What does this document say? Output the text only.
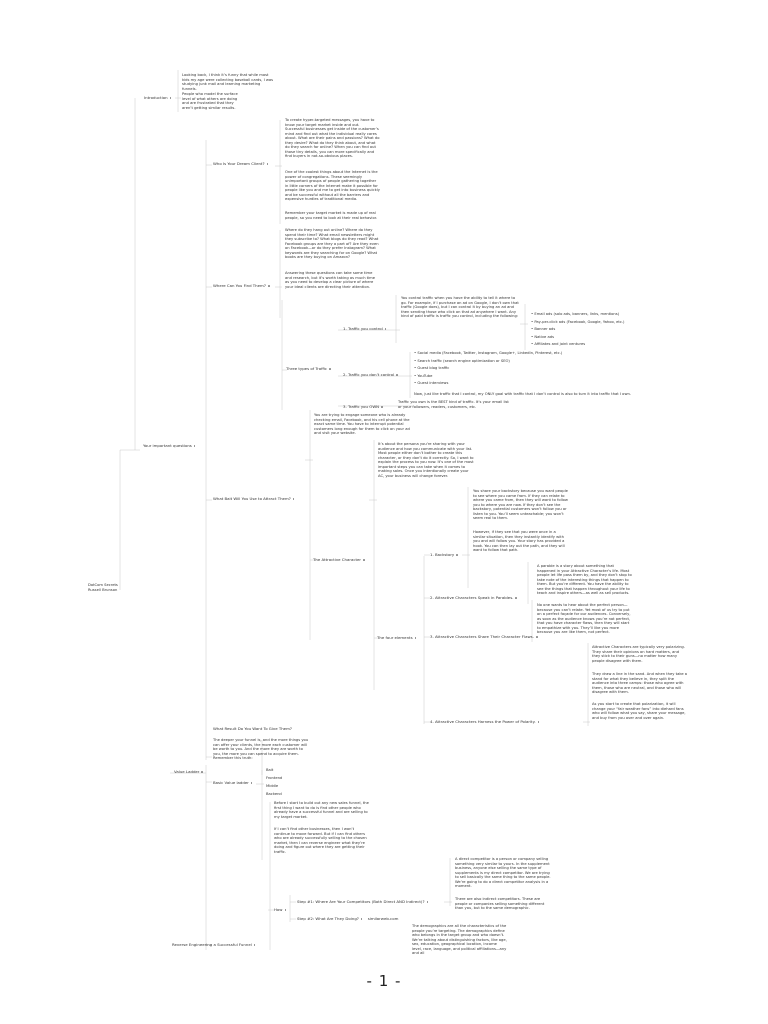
DotCom Secrets
Russell Brunson
Introduction
Looking back, I think it’s funny that while most kids my age were collecting baseball cards, I was studying junk mail and learning marketing funnels.
People who model the surface level of what others are doing and are frustrated that they aren’t getting similar results.
Your important questions
Who Is Your Dream Client?
To create hyper-targeted messages, you have to know your target market inside and out. Successful businesses get inside of the customer’s mind and find out what the individual really cares about. What are their pains and passions? What do they desire? What do they think about, and what do they search for online? When you can find out those tiny details, you can more specifically and find buyers in not-so-obvious places.
One of the coolest things about the Internet is the power of congregations. These seemingly unimportant groups of people gathering together in little corners of the Internet make it possible for people like you and me to get into business quickly and be successful without all the barriers and expensive hurdles of traditional media.
Remember your target market is made up of real people, so you need to look at their real behavior.
Where Can You Find Them?
Where do they hang out online? Where do they spend their time? What email newsletters might they subscribe to? What blogs do they read? What Facebook groups are they a part of? Are they even on Facebook—or do they prefer Instagram? What keywords are they searching for on Google? What books are they buying on Amazon?
Answering these questions can take some time and research, but it’s worth taking as much time as you need to develop a clear picture of where your ideal clients are directing their attention.
Three types of Traffic
1. Traffic you control
You control traffic when you have the ability to tell it where to go. For example, if I purchase an ad on Google, I don’t own that traffic (Google does), but I can control it by buying an ad and then sending those who click on that ad anywhere I want. Any kind of paid traffic is traffic you control, including the following:	• Email ads (solo ads, banners, links, mentions)
• Pay-per-click ads (Facebook, Google, Yahoo, etc.)
• Banner ads
• Native ads
• Affiliates and joint ventures
2. Traffic you don’t control
• Social media (Facebook, Twitter, Instagram, Google+, LinkedIn, Pinterest, etc.)
• Search traffic (search engine optimization or SEO)
• Guest blog traffic
• YouTube
• Guest interviews
Now, just like traffic that I control, my ONLY goal with traffic that I don’t control is also to turn it into traffic that I own.
3. Traffic you OWN
Traffic you own is the BEST kind of traffic. It’s your email list or your followers, readers, customers, etc.
What Bait Will You Use to Attract Them?
You are trying to engage someone who is already checking email, Facebook, and his cell phone at the exact same time. You have to interrupt potential customers long enough for them to click on your ad and visit your website.
The Attractive Character
It’s about the persona you’re sharing with your audience and how you communicate with your list. Most people either don’t bother to create this character, or they don’t do it correctly. So, I want to explain the process to you now. It’s one of the most important steps you can take when it comes to making sales. Once you intentionally create your AC, your business will change forever.
The four elements
1. Backstory
You share your backstory because you want people to see where you came from. If they can relate to where you came from, then they will want to follow you to where you are now. If they don’t see the backstory, potential customers won’t follow you or listen to you. You’ll seem unteachable; you won’t seem real to them.
However, if they see that you were once in a similar situation, then they instantly identify with you and will follow you. Your story has provided a hook. You can then lay out the path, and they will want to follow that path.
2. Attractive Characters Speak in Parables.
A parable is a story about something that happened in your Attractive Character’s life. Most people let life pass them by, and they don’t stop to take note of the interesting things that happen to them. But you’re different. You have the ability to see the things that happen throughout your life to teach and inspire others—as well as sell products.
3. Attractive Characters Share Their Character Flaws.
No one wants to hear about the perfect person—because you can’t relate. Yet most of us try to put on a perfect façade for our audiences. Conversely, as soon as the audience knows you’re not perfect, that you have character flaws, then they will start to empathize with you. They’ll like you more because you are like them, not perfect.
4. Attractive Characters Harness the Power of Polarity.
Attractive Characters are typically very polarizing. They share their opinions on hard matters, and they stick to their guns—no matter how many people disagree with them.
They draw a line in the sand. And when they take a stand for what they believe in, they split the audience into three camps: those who agree with them, those who are neutral, and those who will disagree with them.
As you start to create that polarization, it will change your “fair weather fans” into diehard fans who will follow what you say, share your message, and buy from you over and over again.
What Result Do You Want To Give Them?
Value Ladder
The deeper your funnel is, and the more things you can offer your clients, the more each customer will be worth to you. And the more they are worth to you, the more you can spend to acquire them. Remember this truth:
Basic Value ladder
Bait
Frontend
Middle
Backend
Before I start to build out any new sales funnel, the first thing I want to do is find other people who already have a successful funnel and are selling to my target market.
If I can’t find other businesses, then I won’t continue to move forward. But if I can find others who are already successfully selling to the chosen market, then I can reverse engineer what they’re doing and figure out where they are getting their traffic.
Reverse Engineering a Successful Funnel
How
Step #1: Where Are Your Competitors (Both Direct AND Indirect)?
A direct competitor is a person or company selling something very similar to yours. In the supplement business, anyone else selling the same type of supplements is my direct competitor. We are trying to sell basically the same thing to the same people. We’re going to do a direct competitor analysis in a moment.
There are also indirect competitors. These are people or companies selling something different than you, but to the same demographic.
Step #2: What Are They Doing? similarweb.com
The demographics are all the characteristics of the people you’re targeting. The demographics define who belongs in the target group and who doesn’t. We’re talking about distinguishing factors, like age, sex, education, geographical location, income level, race, language, and political affiliations—any and all
- 1 -
